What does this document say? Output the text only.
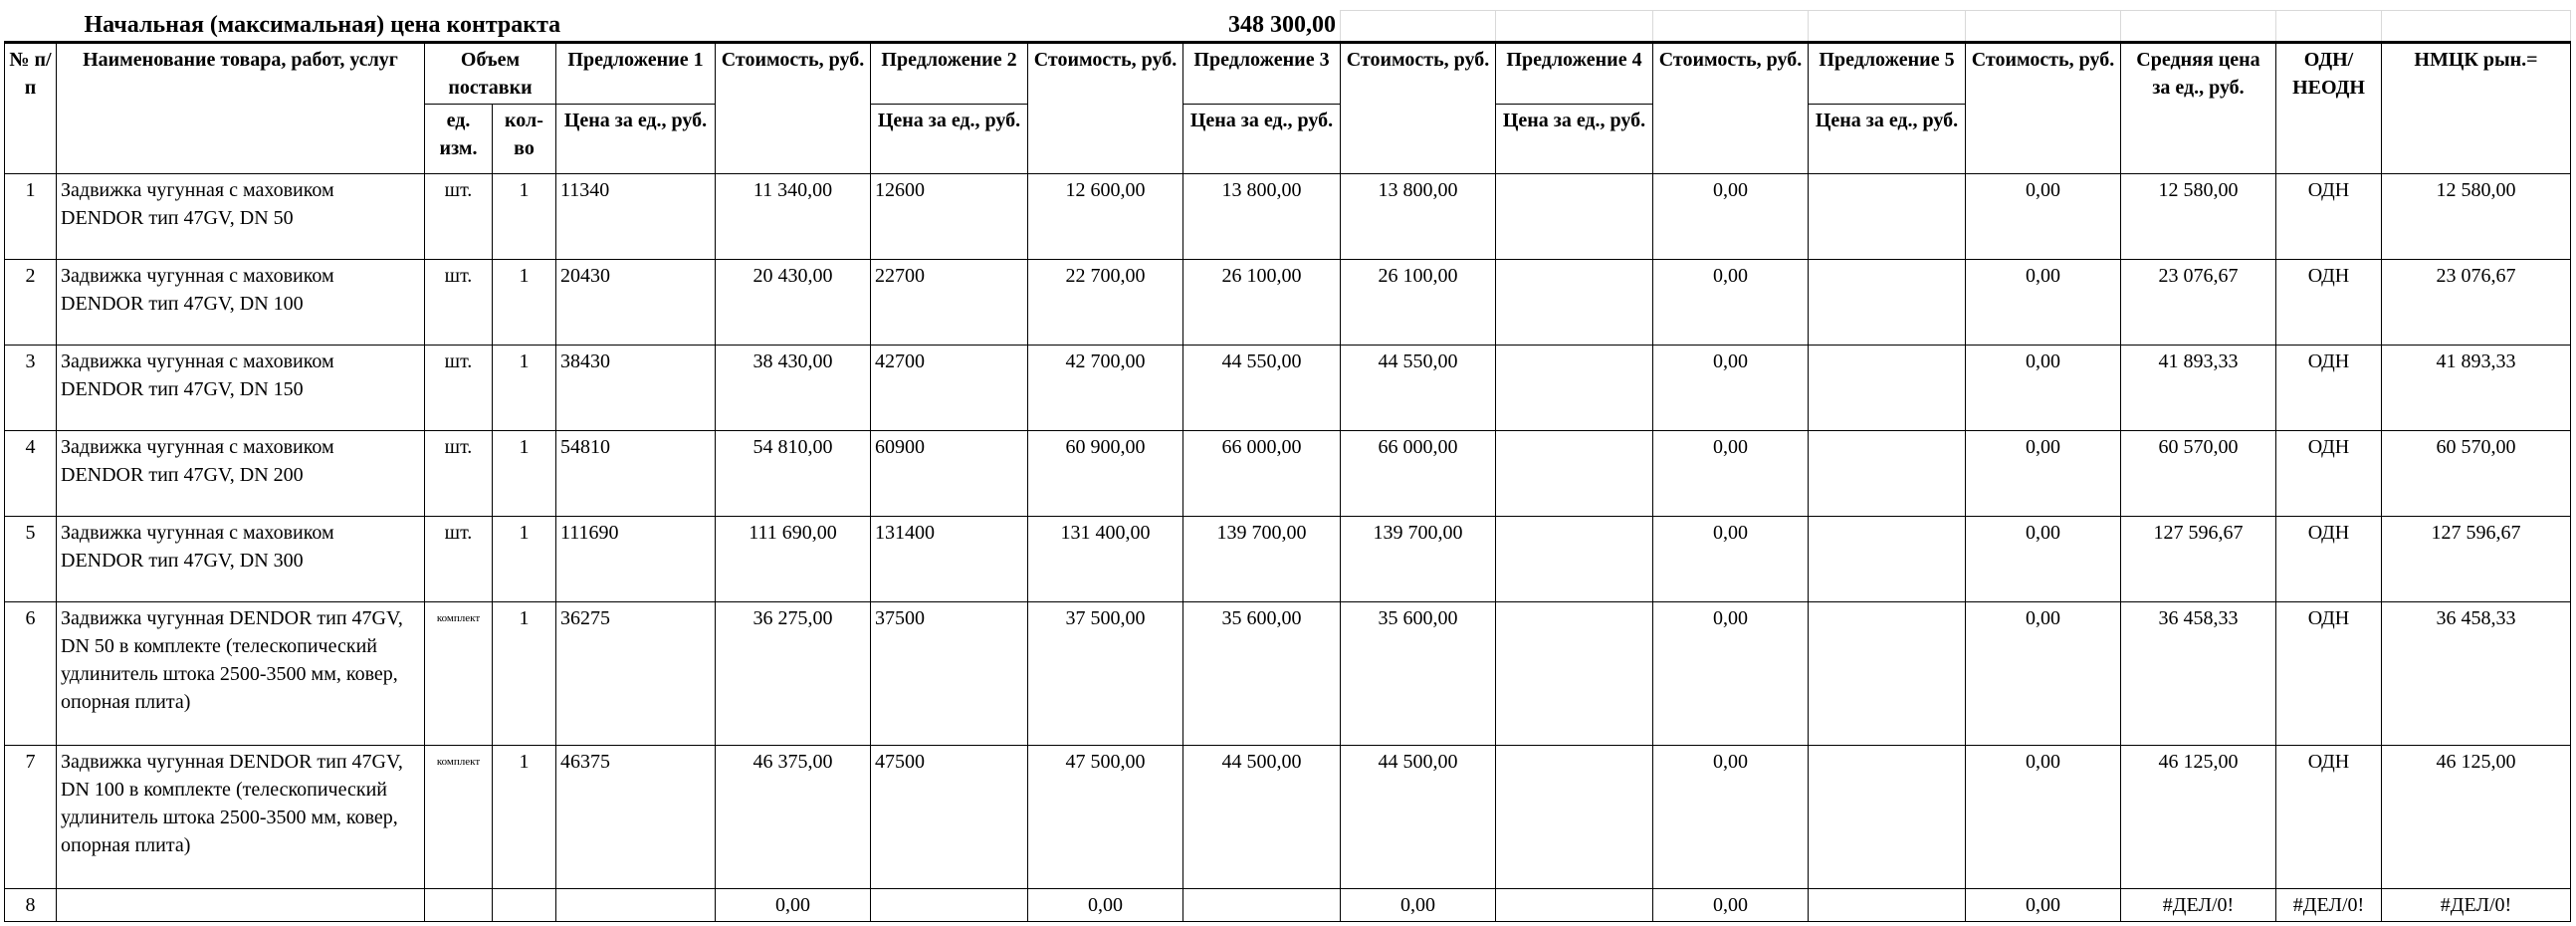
Начальная (максимальная) цена контракта							348 300,00									
№ п/п	Наименование товара, работ, услуг	Объем поставки		Предложение 1	Стоимость, руб.	Предложение 2	Стоимость, руб.	Предложение 3	Стоимость, руб.	Предложение 4	Стоимость, руб.	Предложение 5	Стоимость, руб.	Средняя цена за ед., руб.	ОДН/ НЕОДН	НМЦК рын.=
		ед. изм.	кол-во	Цена за ед., руб.		Цена за ед., руб.		Цена за ед., руб.		Цена за ед., руб.		Цена за ед., руб.				
1	Задвижка чугунная с маховиком DENDOR тип 47GV, DN 50	шт.	1	11340	11 340,00	12600	12 600,00	13 800,00	13 800,00		0,00		0,00	12 580,00	ОДН	12 580,00
2	Задвижка чугунная с маховиком DENDOR тип 47GV, DN 100	шт.	1	20430	20 430,00	22700	22 700,00	26 100,00	26 100,00		0,00		0,00	23 076,67	ОДН	23 076,67
3	Задвижка чугунная с маховиком DENDOR тип 47GV, DN 150	шт.	1	38430	38 430,00	42700	42 700,00	44 550,00	44 550,00		0,00		0,00	41 893,33	ОДН	41 893,33
4	Задвижка чугунная с маховиком DENDOR тип 47GV, DN 200	шт.	1	54810	54 810,00	60900	60 900,00	66 000,00	66 000,00		0,00		0,00	60 570,00	ОДН	60 570,00
5	Задвижка чугунная с маховиком DENDOR тип 47GV, DN 300	шт.	1	111690	111 690,00	131400	131 400,00	139 700,00	139 700,00		0,00		0,00	127 596,67	ОДН	127 596,67
6	Задвижка чугунная DENDOR тип 47GV, DN 50 в комплекте (телескопический удлинитель штока 2500-3500 мм, ковер, опорная плита)	комплект	1	36275	36 275,00	37500	37 500,00	35 600,00	35 600,00		0,00		0,00	36 458,33	ОДН	36 458,33
7	Задвижка чугунная DENDOR тип 47GV, DN 100 в комплекте (телескопический удлинитель штока 2500-3500 мм, ковер, опорная плита)	комплект	1	46375	46 375,00	47500	47 500,00	44 500,00	44 500,00		0,00		0,00	46 125,00	ОДН	46 125,00
8					0,00		0,00		0,00		0,00		0,00	#ДЕЛ/0!	#ДЕЛ/0!	#ДЕЛ/0!
